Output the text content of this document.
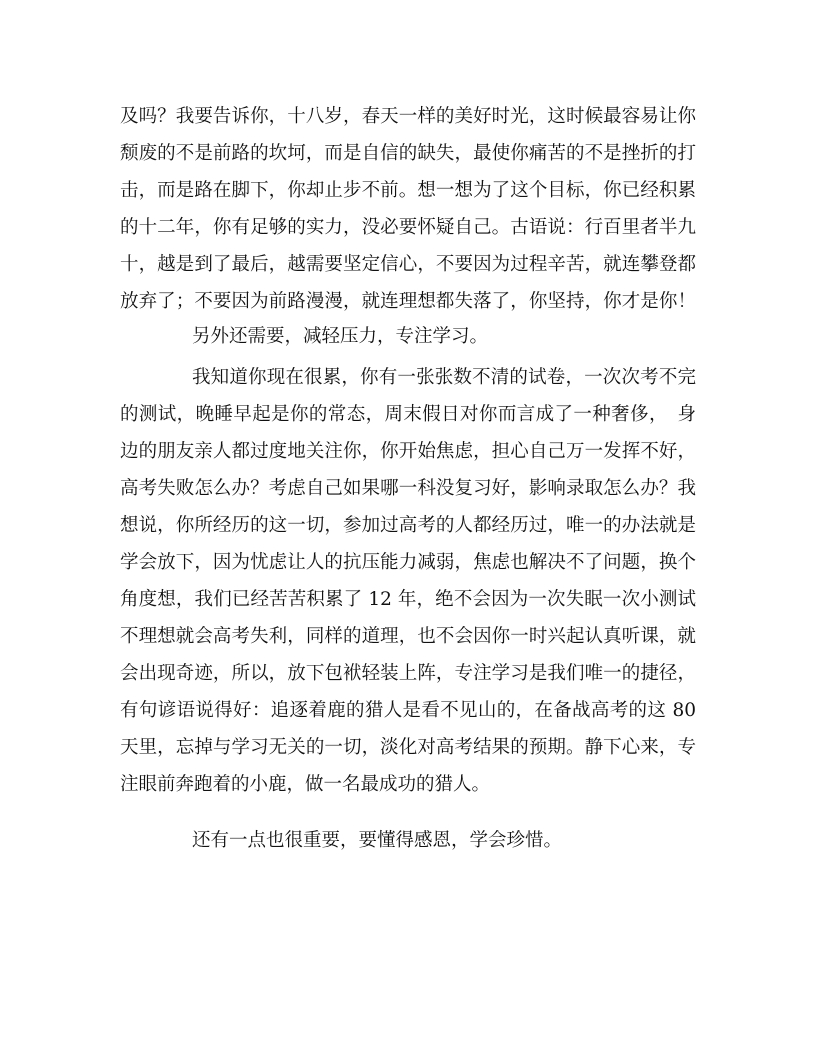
及吗？我要告诉你，十八岁，春天一样的美好时光，这时候最容易让你
颓废的不是前路的坎坷，而是自信的缺失，最使你痛苦的不是挫折的打
击，而是路在脚下，你却止步不前。想一想为了这个目标，你已经积累
的十二年，你有足够的实力，没必要怀疑自己。古语说：行百里者半九
十，越是到了最后，越需要坚定信心，不要因为过程辛苦，就连攀登都
放弃了；不要因为前路漫漫，就连理想都失落了，你坚持，你才是你！
另外还需要，减轻压力，专注学习。
我知道你现在很累，你有一张张数不清的试卷，一次次考不完
的测试，晚睡早起是你的常态，周末假日对你而言成了一种奢侈，　身
边的朋友亲人都过度地关注你，你开始焦虑，担心自己万一发挥不好，
高考失败怎么办？考虑自己如果哪一科没复习好，影响录取怎么办？我
想说，你所经历的这一切，参加过高考的人都经历过，唯一的办法就是
学会放下，因为忧虑让人的抗压能力减弱，焦虑也解决不了问题，换个
角度想，我们已经苦苦积累了 12 年，绝不会因为一次失眠一次小测试
不理想就会高考失利，同样的道理，也不会因你一时兴起认真听课，就
会出现奇迹，所以，放下包袱轻装上阵，专注学习是我们唯一的捷径，
有句谚语说得好：追逐着鹿的猎人是看不见山的，在备战高考的这 80
天里，忘掉与学习无关的一切，淡化对高考结果的预期。静下心来，专
注眼前奔跑着的小鹿，做一名最成功的猎人。
还有一点也很重要，要懂得感恩，学会珍惜。
